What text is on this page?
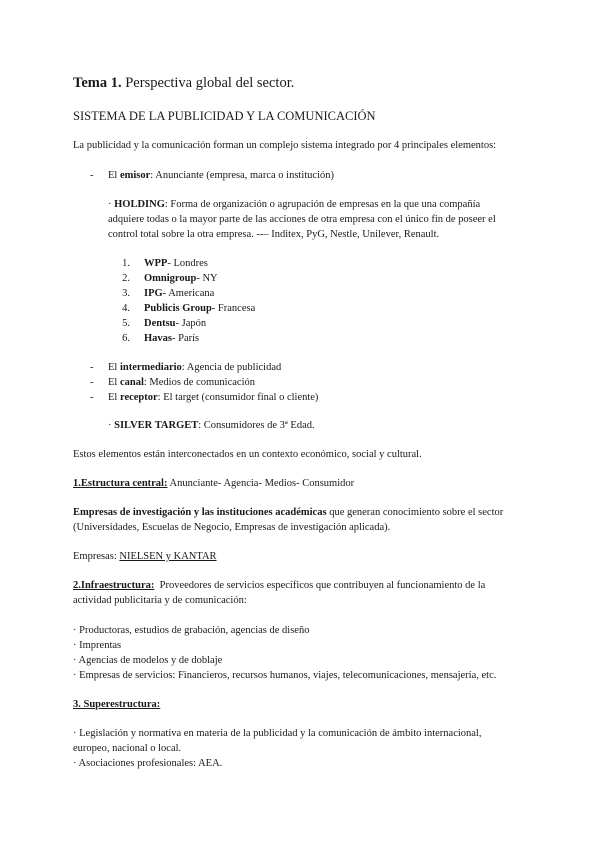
Tema 1. Perspectiva global del sector.
SISTEMA DE LA PUBLICIDAD Y LA COMUNICACIÓN
La publicidad y la comunicación forman un complejo sistema integrado por 4 principales elementos:
- El emisor: Anunciante (empresa, marca o institución)
· HOLDING: Forma de organización o agrupación de empresas en la que una compañía
adquiere todas o la mayor parte de las acciones de otra empresa con el único fin de poseer el
control total sobre la otra empresa. --– Inditex, PyG, Nestle, Unilever, Renault.
1. WPP- Londres
2. Omnigroup- NY
3. IPG- Americana
4. Publicis Group- Francesa
5. Dentsu- Japón
6. Havas- París
- El intermediario: Agencia de publicidad
- El canal: Medios de comunicación
- El receptor: El target (consumidor final o cliente)
· SILVER TARGET: Consumidores de 3ª Edad.
Estos elementos están interconectados en un contexto económico, social y cultural.
1.Estructura central: Anunciante- Agencia- Medios- Consumidor
Empresas de investigación y las instituciones académicas que generan conocimiento sobre el sector
(Universidades, Escuelas de Negocio, Empresas de investigación aplicada).
Empresas: NIELSEN y KANTAR
2.Infraestructura:  Proveedores de servicios específicos que contribuyen al funcionamiento de la
actividad publicitaria y de comunicación:
· Productoras, estudios de grabación, agencias de diseño
· Imprentas
· Agencias de modelos y de doblaje
· Empresas de servicios: Financieros, recursos humanos, viajes, telecomunicaciones, mensajería, etc.
3. Superestructura:
· Legislación y normativa en materia de la publicidad y la comunicación de ámbito internacional,
europeo, nacional o local.
· Asociaciones profesionales: AEA.
